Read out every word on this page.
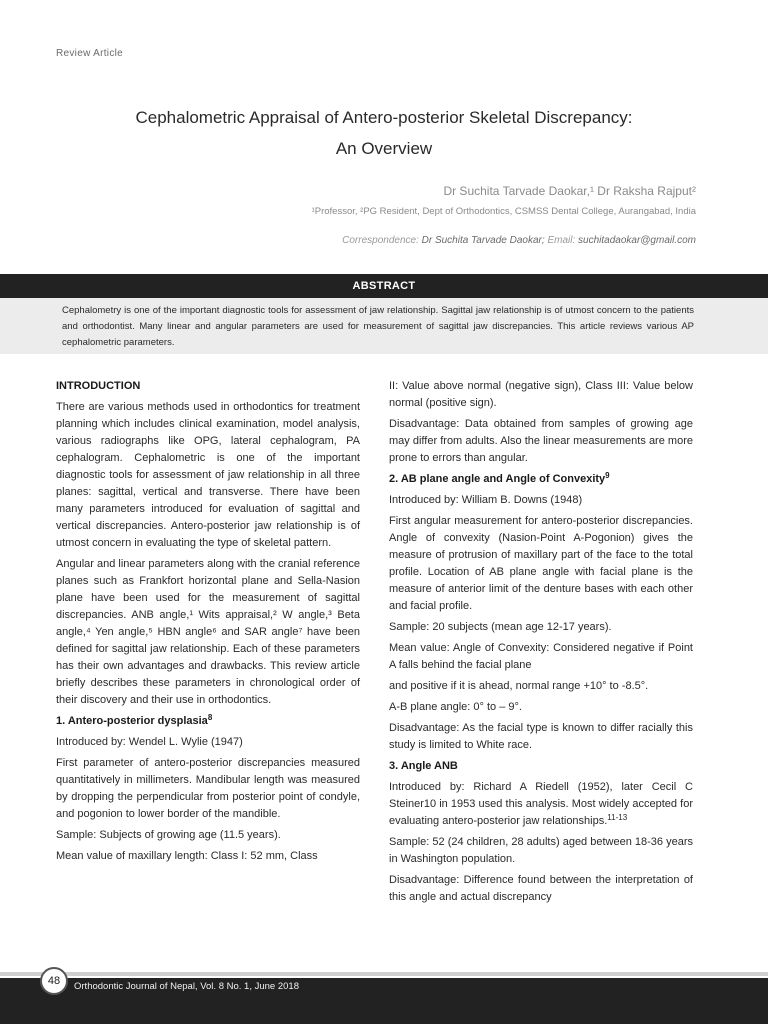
Review Article
Cephalometric Appraisal of Antero-posterior Skeletal Discrepancy:
An Overview
Dr Suchita Tarvade Daokar,¹ Dr Raksha Rajput²
¹Professor, ²PG Resident, Dept of Orthodontics, CSMSS Dental College, Aurangabad, India
Correspondence: Dr Suchita Tarvade Daokar; Email: suchitadaokar@gmail.com
ABSTRACT
Cephalometry is one of the important diagnostic tools for assessment of jaw relationship. Sagittal jaw relationship is of utmost concern to the patients and orthodontist. Many linear and angular parameters are used for measurement of sagittal jaw discrepancies. This article reviews various AP cephalometric parameters.
INTRODUCTION

There are various methods used in orthodontics for treatment planning which includes clinical examination, model analysis, various radiographs like OPG, lateral cephalogram, PA cephalogram. Cephalometric is one of the important diagnostic tools for assessment of jaw relationship in all three planes: sagittal, vertical and transverse. There have been many parameters introduced for evaluation of sagittal and vertical discrepancies. Antero-posterior jaw relationship is of utmost concern in evaluating the type of skeletal pattern.

Angular and linear parameters along with the cranial reference planes such as Frankfort horizontal plane and Sella-Nasion plane have been used for the measurement of sagittal discrepancies. ANB angle,¹ Wits appraisal,² W angle,³ Beta angle,⁴ Yen angle,⁵ HBN angle⁶ and SAR angle⁷ have been defined for sagittal jaw relationship. Each of these parameters has their own advantages and drawbacks. This review article briefly describes these parameters in chronological order of their discovery and their use in orthodontics.

1. Antero-posterior dysplasia$^8$

Introduced by: Wendel L. Wylie (1947)

First parameter of antero-posterior discrepancies measured quantitatively in millimeters. Mandibular length was measured by dropping the perpendicular from posterior point of condyle, and pogonion to lower border of the mandible.

Sample: Subjects of growing age (11.5 years).

Mean value of maxillary length: Class I: 52 mm, Class

II: Value above normal (negative sign), Class III: Value below normal (positive sign).

Disadvantage: Data obtained from samples of growing age may differ from adults. Also the linear measurements are more prone to errors than angular.

2. AB plane angle and Angle of Convexity$^9$

Introduced by: William B. Downs (1948)

First angular measurement for antero-posterior discrepancies. Angle of convexity (Nasion-Point A-Pogonion) gives the measure of protrusion of maxillary part of the face to the total profile. Location of AB plane angle with facial plane is the measure of anterior limit of the denture bases with each other and facial profile.

Sample: 20 subjects (mean age 12-17 years).

Mean value: Angle of Convexity: Considered negative if Point A falls behind the facial plane

and positive if it is ahead, normal range +10° to -8.5°.

A-B plane angle: 0° to – 9°.

Disadvantage: As the facial type is known to differ racially this study is limited to White race.

3. Angle ANB

Introduced by: Richard A Riedell (1952), later Cecil C Steiner10 in 1953 used this analysis. Most widely accepted for evaluating antero-posterior jaw relationships.$^{11-13}$

Sample: 52 (24 children, 28 adults) aged between 18-36 years in Washington population.

Disadvantage: Difference found between the interpretation of this angle and actual discrepancy

48	Orthodontic Journal of Nepal, Vol. 8 No. 1, June 2018
